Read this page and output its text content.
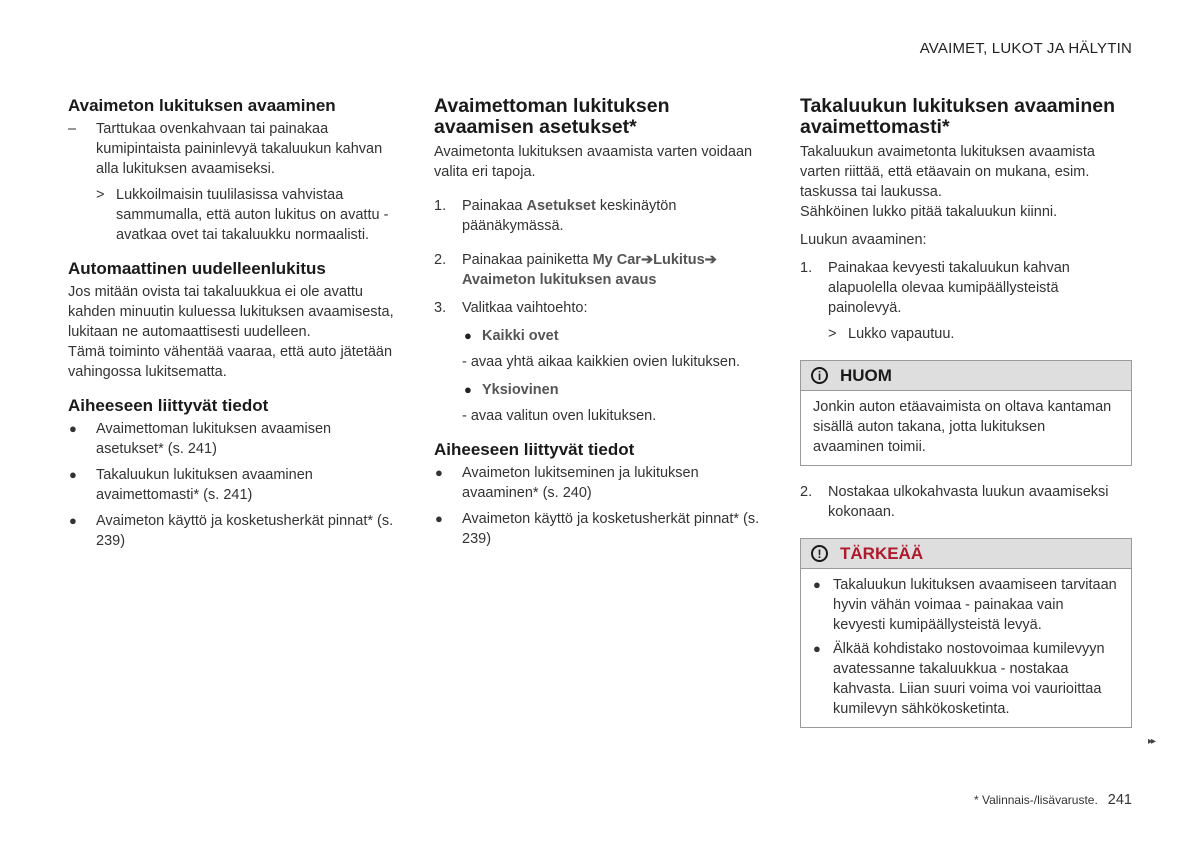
AVAIMET, LUKOT JA HÄLYTIN
Avaimeton lukituksen avaaminen
– Tarttukaa ovenkahvaan tai painakaa kumipintaista paininlevyä takaluukun kahvan alla lukituksen avaamiseksi.
> Lukkoilmaisin tuulilasissa vahvistaa sammumalla, että auton lukitus on avattu - avatkaa ovet tai takaluukku normaalisti.
Automaattinen uudelleenlukitus

Jos mitään ovista tai takaluukkua ei ole avattu kahden minuutin kuluessa lukituksen avaamisesta, lukitaan ne automaattisesti uudelleen.

Tämä toiminto vähentää vaaraa, että auto jätetään vahingossa lukitsematta.

Aiheeseen liittyvät tiedot
● Avaimettoman lukituksen avaamisen asetukset* (s. 241)
● Takaluukun lukituksen avaaminen avaimettomasti* (s. 241)
● Avaimeton käyttö ja kosketusherkät pinnat* (s. 239)
Avaimettoman lukituksen avaamisen asetukset*

Avaimetonta lukituksen avaamista varten voidaan valita eri tapoja.

1. Painakaa Asetukset keskinäytön päänäkymässä.
2. Painakaa painiketta My Car➔Lukitus➔ Avaimeton lukituksen avaus
3. Valitkaa vaihtoehto:
● Kaikki ovet
- avaa yhtä aikaa kaikkien ovien lukituksen.
● Yksiovinen
- avaa valitun oven lukituksen.
Aiheeseen liittyvät tiedot
● Avaimeton lukitseminen ja lukituksen avaaminen* (s. 240)
● Avaimeton käyttö ja kosketusherkät pinnat* (s. 239)
Takaluukun lukituksen avaaminen avaimettomasti*

Takaluukun avaimetonta lukituksen avaamista varten riittää, että etäavain on mukana, esim. taskussa tai laukussa.

Sähköinen lukko pitää takaluukun kiinni.

Luukun avaaminen:

1. Painakaa kevyesti takaluukun kahvan alapuolella olevaa kumipäällysteistä painolevyä.
> Lukko vapautuu.
i	HUOM

Jonkin auton etäavaimista on oltava kantaman sisällä auton takana, jotta lukituksen avaaminen toimii.

2. Nostakaa ulkokahvasta luukun avaamiseksi kokonaan.
!	TÄRKEÄÄ
● Takaluukun lukituksen avaamiseen tarvitaan hyvin vähän voimaa - painakaa vain kevyesti kumipäällysteistä levyä.
● Älkää kohdistako nostovoimaa kumilevyyn avatessanne takaluukkua - nostakaa kahvasta. Liian suuri voima voi vaurioittaa kumilevyn sähkökosketinta.
▸▸
* Valinnais-/lisävaruste. 241
